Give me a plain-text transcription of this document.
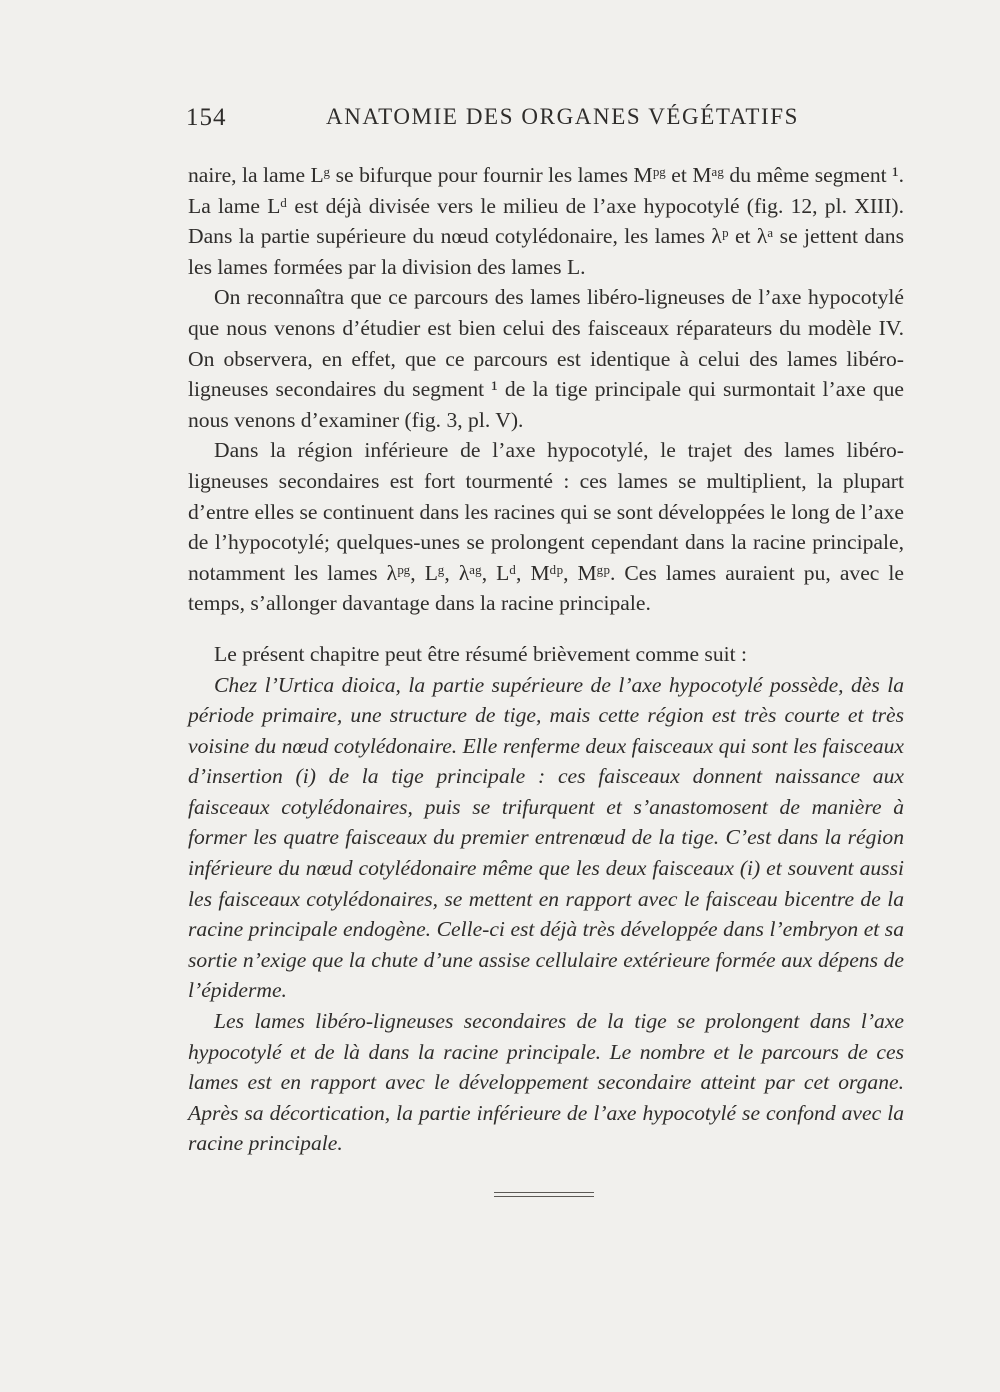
154	ANATOMIE DES ORGANES VÉGÉTATIFS

naire, la lame Lᵍ se bifurque pour fournir les lames Mᵖᵍ et Mᵃᵍ du même segment ¹. La lame Lᵈ est déjà divisée vers le milieu de l’axe hypocotylé (fig. 12, pl. XIII). Dans la partie supérieure du nœud cotylédonaire, les lames λᵖ et λᵃ se jettent dans les lames formées par la division des lames L.

On reconnaîtra que ce parcours des lames libéro-ligneuses de l’axe hypocotylé que nous venons d’étudier est bien celui des faisceaux réparateurs du modèle IV. On observera, en effet, que ce parcours est identique à celui des lames libéro-ligneuses secondaires du segment ¹ de la tige principale qui surmontait l’axe que nous venons d’examiner (fig. 3, pl. V).

Dans la région inférieure de l’axe hypocotylé, le trajet des lames libéro-ligneuses secondaires est fort tourmenté : ces lames se multiplient, la plupart d’entre elles se continuent dans les racines qui se sont développées le long de l’axe de l’hypocotylé; quelques-unes se prolongent cependant dans la racine principale, notamment les lames λᵖᵍ, Lᵍ, λᵃᵍ, Lᵈ, Mᵈᵖ, Mᵍᵖ. Ces lames auraient pu, avec le temps, s’allonger davantage dans la racine principale.

Le présent chapitre peut être résumé brièvement comme suit :

Chez l’Urtica dioica, la partie supérieure de l’axe hypocotylé possède, dès la période primaire, une structure de tige, mais cette région est très courte et très voisine du nœud cotylédonaire. Elle renferme deux faisceaux qui sont les faisceaux d’insertion (i) de la tige principale : ces faisceaux donnent naissance aux faisceaux cotylédonaires, puis se trifurquent et s’anastomosent de manière à former les quatre faisceaux du premier entrenœud de la tige. C’est dans la région inférieure du nœud cotylédonaire même que les deux faisceaux (i) et souvent aussi les faisceaux cotylédonaires, se mettent en rapport avec le faisceau bicentre de la racine principale endogène. Celle-ci est déjà très développée dans l’embryon et sa sortie n’exige que la chute d’une assise cellulaire extérieure formée aux dépens de l’épiderme.

Les lames libéro-ligneuses secondaires de la tige se prolongent dans l’axe hypocotylé et de là dans la racine principale. Le nombre et le parcours de ces lames est en rapport avec le développement secondaire atteint par cet organe. Après sa décortication, la partie inférieure de l’axe hypocotylé se confond avec la racine principale.
